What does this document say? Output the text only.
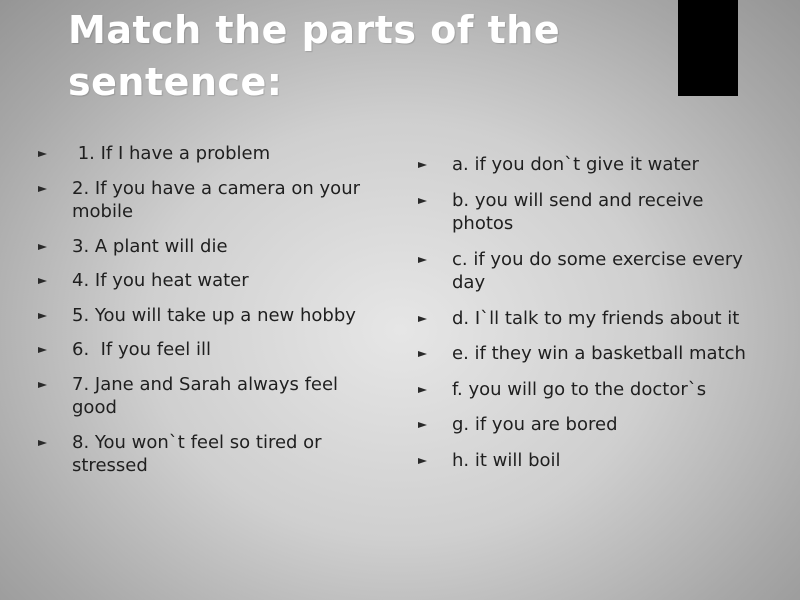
Match the parts of the
sentence:
1. If I have a problem
2. If you have a camera on your mobile
3. A plant will die
4. If you heat water
5. You will take up a new hobby
6.  If you feel ill
7. Jane and Sarah always feel good
8. You won`t feel so tired or stressed
a. if you don`t give it water
b. you will send and receive photos
c. if you do some exercise every day
d. I`ll talk to my friends about it
e. if they win a basketball match
f. you will go to the doctor`s
g. if you are bored
h. it will boil
